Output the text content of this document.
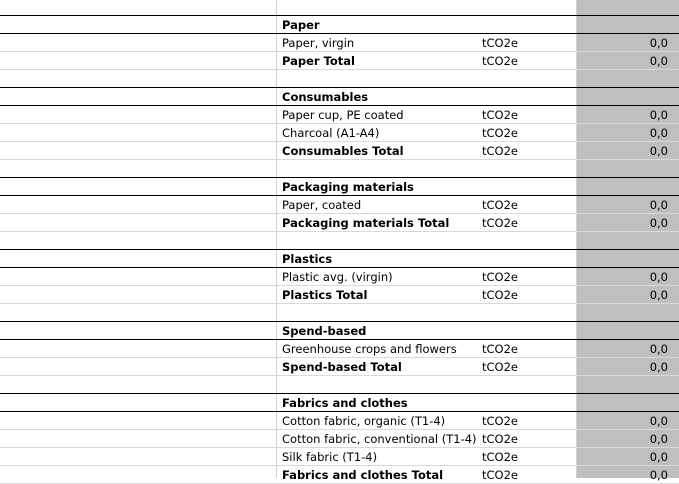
Paper
Paper, virgin	tCO2e	0,0
Paper Total	tCO2e	0,0
Consumables
Paper cup, PE coated	tCO2e	0,0
Charcoal (A1-A4)	tCO2e	0,0
Consumables Total	tCO2e	0,0
Packaging materials
Paper, coated	tCO2e	0,0
Packaging materials Total	tCO2e	0,0
Plastics
Plastic avg. (virgin)	tCO2e	0,0
Plastics Total	tCO2e	0,0
Spend-based
Greenhouse crops and flowers	tCO2e	0,0
Spend-based Total	tCO2e	0,0
Fabrics and clothes
Cotton fabric, organic (T1-4)	tCO2e	0,0
Cotton fabric, conventional (T1-4) tCO2e	0,0
Silk fabric (T1-4)	tCO2e	0,0
Fabrics and clothes Total	tCO2e	0,0
